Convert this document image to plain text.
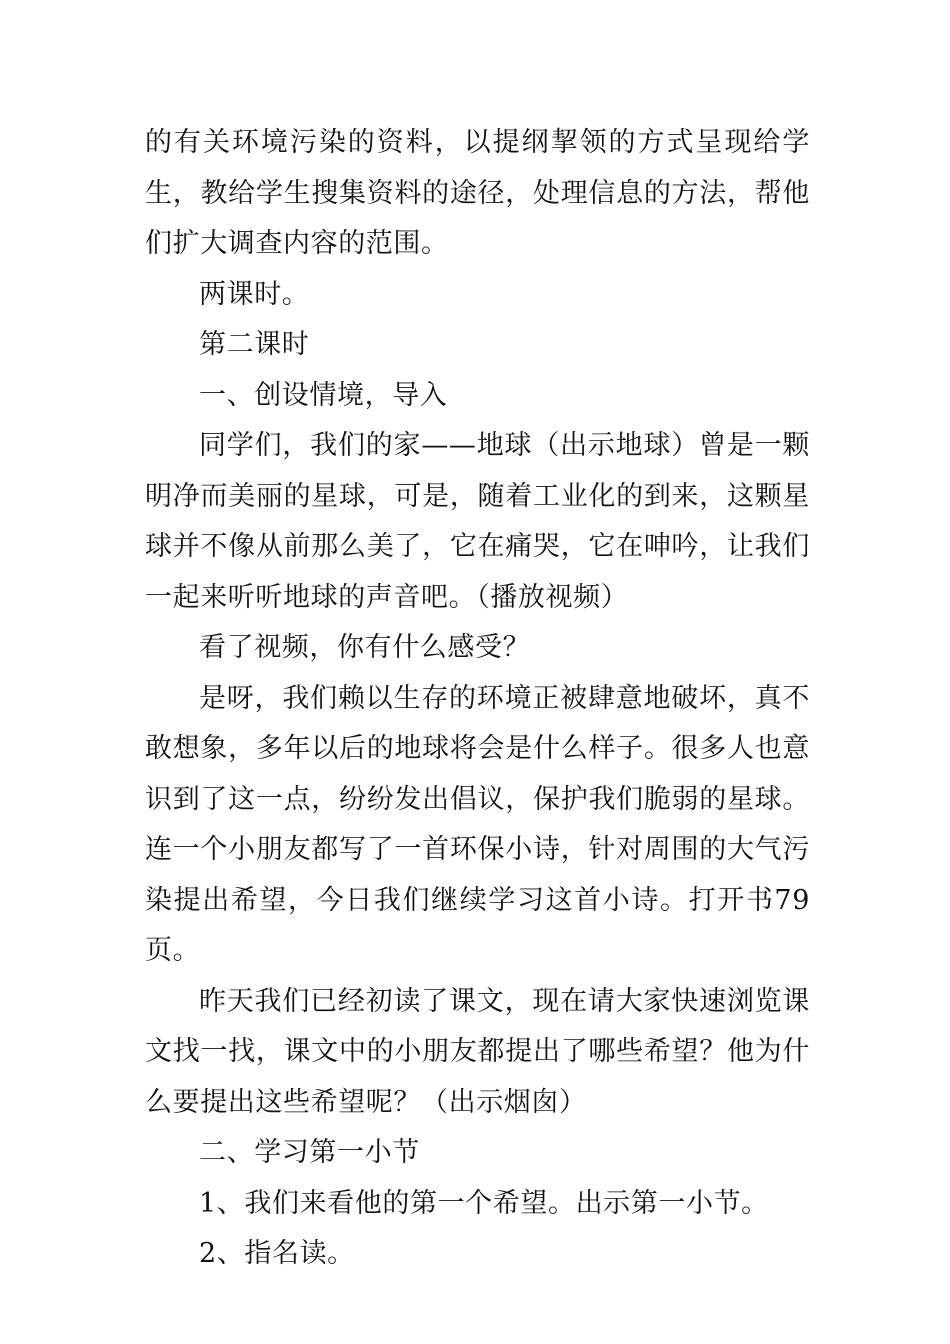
的有关环境污染的资料，以提纲挈领的方式呈现给学生，教给学生搜集资料的途径，处理信息的方法，帮他们扩大调查内容的范围。

两课时。

第二课时

一、创设情境，导入

同学们，我们的家——地球（出示地球）曾是一颗明净而美丽的星球，可是，随着工业化的到来，这颗星球并不像从前那么美了，它在痛哭，它在呻吟，让我们一起来听听地球的声音吧。（播放视频）

看了视频，你有什么感受？

是呀，我们赖以生存的环境正被肆意地破坏，真不敢想象，多年以后的地球将会是什么样子。很多人也意识到了这一点，纷纷发出倡议，保护我们脆弱的星球。连一个小朋友都写了一首环保小诗，针对周围的大气污染提出希望，今日我们继续学习这首小诗。打开书79页。

昨天我们已经初读了课文，现在请大家快速浏览课文找一找，课文中的小朋友都提出了哪些希望？他为什么要提出这些希望呢？（出示烟囱）

二、学习第一小节

1、我们来看他的第一个希望。出示第一小节。

2、指名读。
